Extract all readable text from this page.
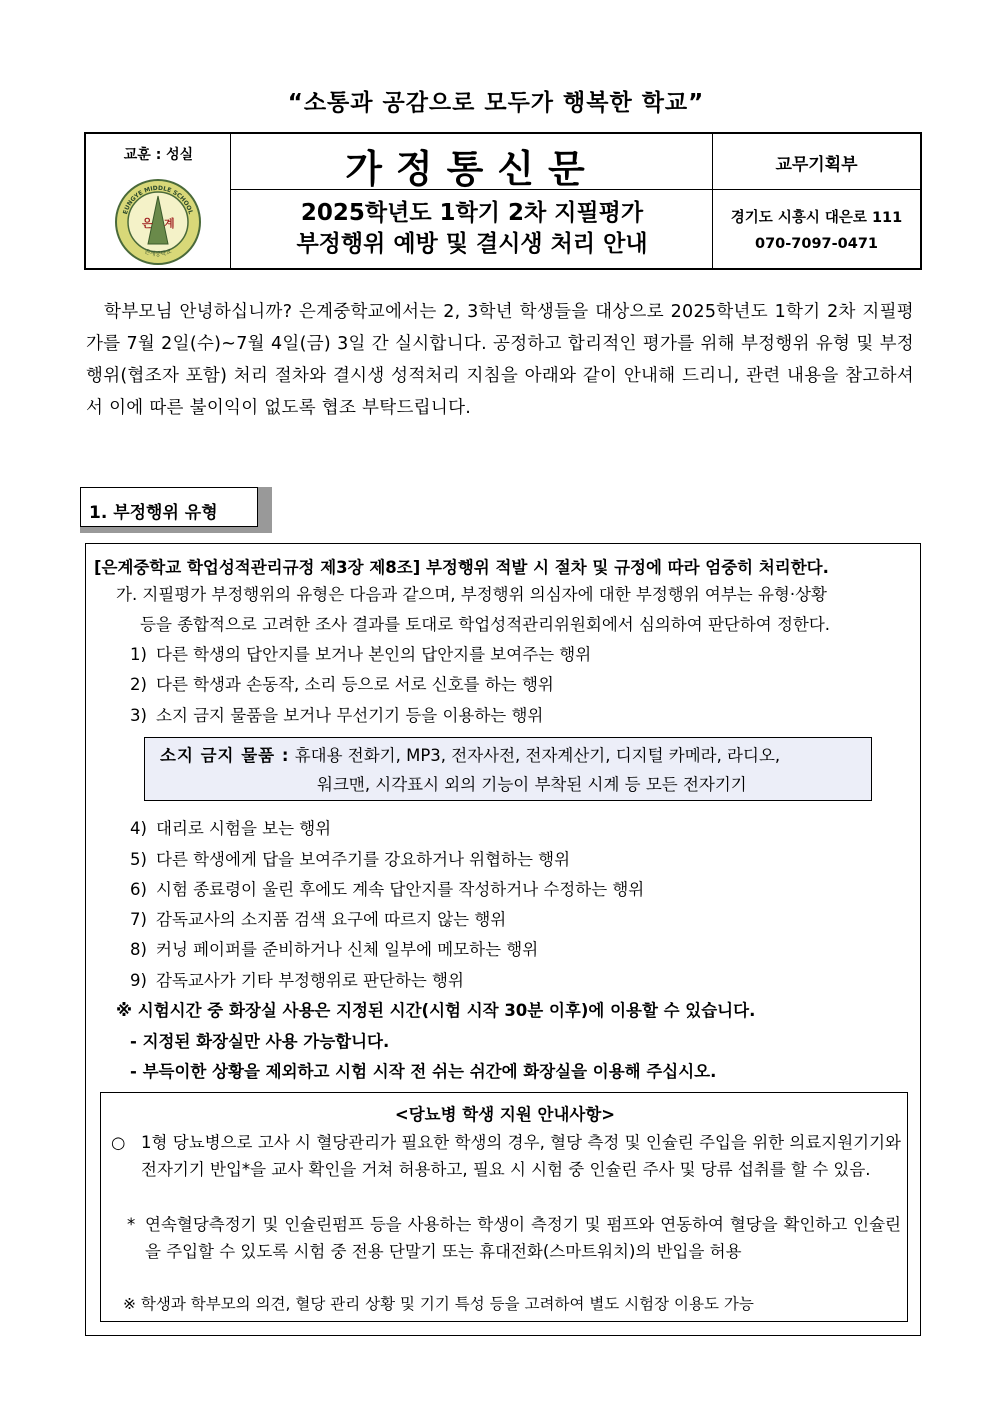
“소통과 공감으로 모두가 행복한 학교”
교훈 : 성실
EUNGYE MIDDLE SCHOOL
은계중학교
은 계
가정통신문	교무기획부
2025학년도 1학기 2차 지필평가
부정행위 예방 및 결시생 처리 안내
경기도 시흥시 대은로 111
070-7097-0471

학부모님 안녕하십니까? 은계중학교에서는 2, 3학년 학생들을 대상으로 2025학년도 1학기 2차 지필평가를 7월 2일(수)~7월 4일(금) 3일 간 실시합니다. 공정하고 합리적인 평가를 위해 부정행위 유형 및 부정행위(협조자 포함) 처리 절차와 결시생 성적처리 지침을 아래와 같이 안내해 드리니, 관련 내용을 참고하셔서 이에 따른 불이익이 없도록 협조 부탁드립니다.

1. 부정행위 유형
[은계중학교 학업성적관리규정 제3장 제8조] 부정행위 적발 시 절차 및 규정에 따라 엄중히 처리한다.
가. 지필평가 부정행위의 유형은 다음과 같으며, 부정행위 의심자에 대한 부정행위 여부는 유형·상황
등을 종합적으로 고려한 조사 결과를 토대로 학업성적관리위원회에서 심의하여 판단하여 정한다.
1) 다른 학생의 답안지를 보거나 본인의 답안지를 보여주는 행위
2) 다른 학생과 손동작, 소리 등으로 서로 신호를 하는 행위
3) 소지 금지 물품을 보거나 무선기기 등을 이용하는 행위
소지 금지 물품 : 휴대용 전화기, MP3, 전자사전, 전자계산기, 디지털 카메라, 라디오,
워크맨, 시각표시 외의 기능이 부착된 시계 등 모든 전자기기
4) 대리로 시험을 보는 행위
5) 다른 학생에게 답을 보여주기를 강요하거나 위협하는 행위
6) 시험 종료령이 울린 후에도 계속 답안지를 작성하거나 수정하는 행위
7) 감독교사의 소지품 검색 요구에 따르지 않는 행위
8) 커닝 페이퍼를 준비하거나 신체 일부에 메모하는 행위
9) 감독교사가 기타 부정행위로 판단하는 행위
※ 시험시간 중 화장실 사용은 지정된 시간(시험 시작 30분 이후)에 이용할 수 있습니다.
- 지정된 화장실만 사용 가능합니다.
- 부득이한 상황을 제외하고 시험 시작 전 쉬는 쉬간에 화장실을 이용해 주십시오.
<당뇨병 학생 지원 안내사항>
○ 1형 당뇨병으로 고사 시 혈당관리가 필요한 학생의 경우, 혈당 측정 및 인슐린 주입을 위한 의료지원기기와 전자기기 반입*을 교사 확인을 거쳐 허용하고, 필요 시 시험 중 인슐린 주사 및 당류 섭취를 할 수 있음.
* 연속혈당측정기 및 인슐린펌프 등을 사용하는 학생이 측정기 및 펌프와 연동하여 혈당을 확인하고 인슐린을 주입할 수 있도록 시험 중 전용 단말기 또는 휴대전화(스마트워치)의 반입을 허용
※ 학생과 학부모의 의견, 혈당 관리 상황 및 기기 특성 등을 고려하여 별도 시험장 이용도 가능
